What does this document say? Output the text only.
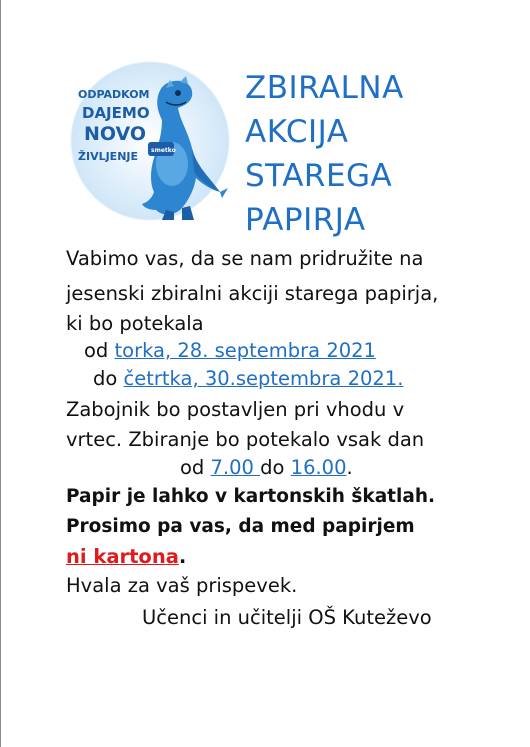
ODPADKOM
DAJEMO
NOVO
ŽIVLJENJE smetko
ZBIRALNA
AKCIJA
STAREGA
PAPIRJA
Vabimo vas, da se nam pridružite na
jesenski zbiralni akciji starega papirja,
ki bo potekala
od torka, 28. septembra 2021
do četrtka, 30.septembra 2021.
Zabojnik bo postavljen pri vhodu v
vrtec. Zbiranje bo potekalo vsak dan
od 7.00 do 16.00.
Papir je lahko v kartonskih škatlah.
Prosimo pa vas, da med papirjem
ni kartona.
Hvala za vaš prispevek.
Učenci in učitelji OŠ Kuteževo
